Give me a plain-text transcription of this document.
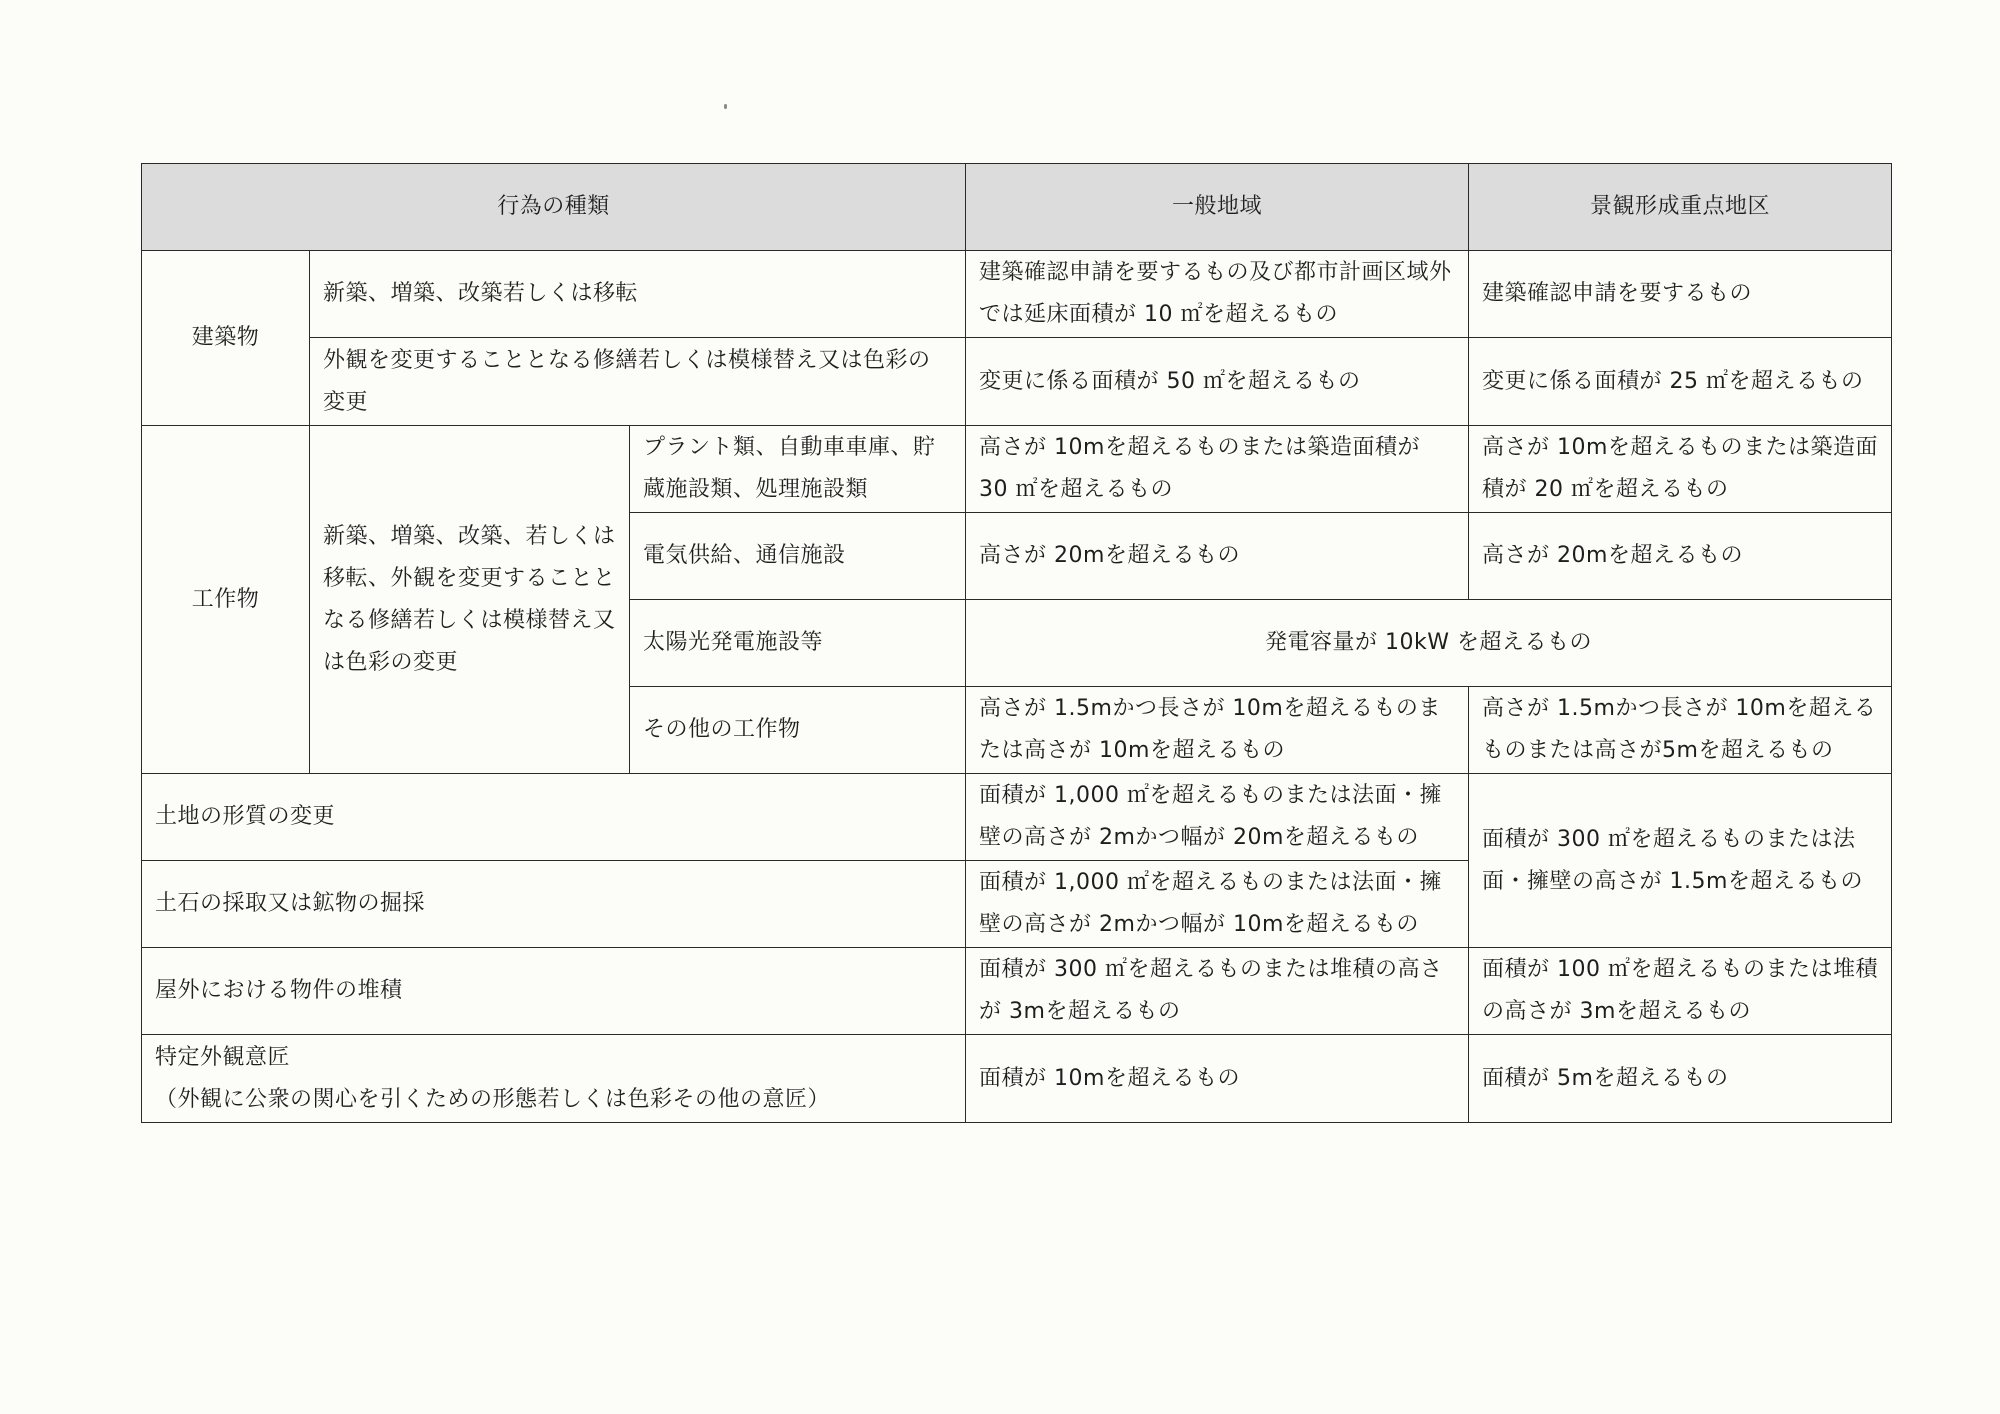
行為の種類			一般地域	景観形成重点地区
建築物	新築、増築、改築若しくは移転		建築確認申請を要するもの及び都市計画区域外では延床面積が 10 ㎡を超えるもの	建築確認申請を要するもの
	外観を変更することとなる修繕若しくは模様替え又は色彩の変更		変更に係る面積が 50 ㎡を超えるもの	変更に係る面積が 25 ㎡を超えるもの
工作物	新築、増築、改築、若しくは移転、外観を変更することとなる修繕若しくは模様替え又は色彩の変更	プラント類、自動車車庫、貯蔵施設類、処理施設類	高さが 10mを超えるものまたは築造面積が 30 ㎡を超えるもの	高さが 10mを超えるものまたは築造面積が 20 ㎡を超えるもの
		電気供給、通信施設	高さが 20mを超えるもの	高さが 20mを超えるもの
		太陽光発電施設等	発電容量が 10kW を超えるもの	
		その他の工作物	高さが 1.5mかつ長さが 10mを超えるものまたは高さが 10mを超えるもの	高さが 1.5mかつ長さが 10mを超えるものまたは高さが5mを超えるもの
土地の形質の変更			面積が 1,000 ㎡を超えるものまたは法面・擁壁の高さが 2mかつ幅が 20mを超えるもの	面積が 300 ㎡を超えるものまたは法面・擁壁の高さが 1.5mを超えるもの
土石の採取又は鉱物の掘採			面積が 1,000 ㎡を超えるものまたは法面・擁壁の高さが 2mかつ幅が 10mを超えるもの	
屋外における物件の堆積			面積が 300 ㎡を超えるものまたは堆積の高さが 3mを超えるもの	面積が 100 ㎡を超えるものまたは堆積の高さが 3mを超えるもの

特定外観意匠
（外観に公衆の関心を引くための形態若しくは色彩その他の意匠）			面積が 10mを超えるもの	面積が 5mを超えるもの
